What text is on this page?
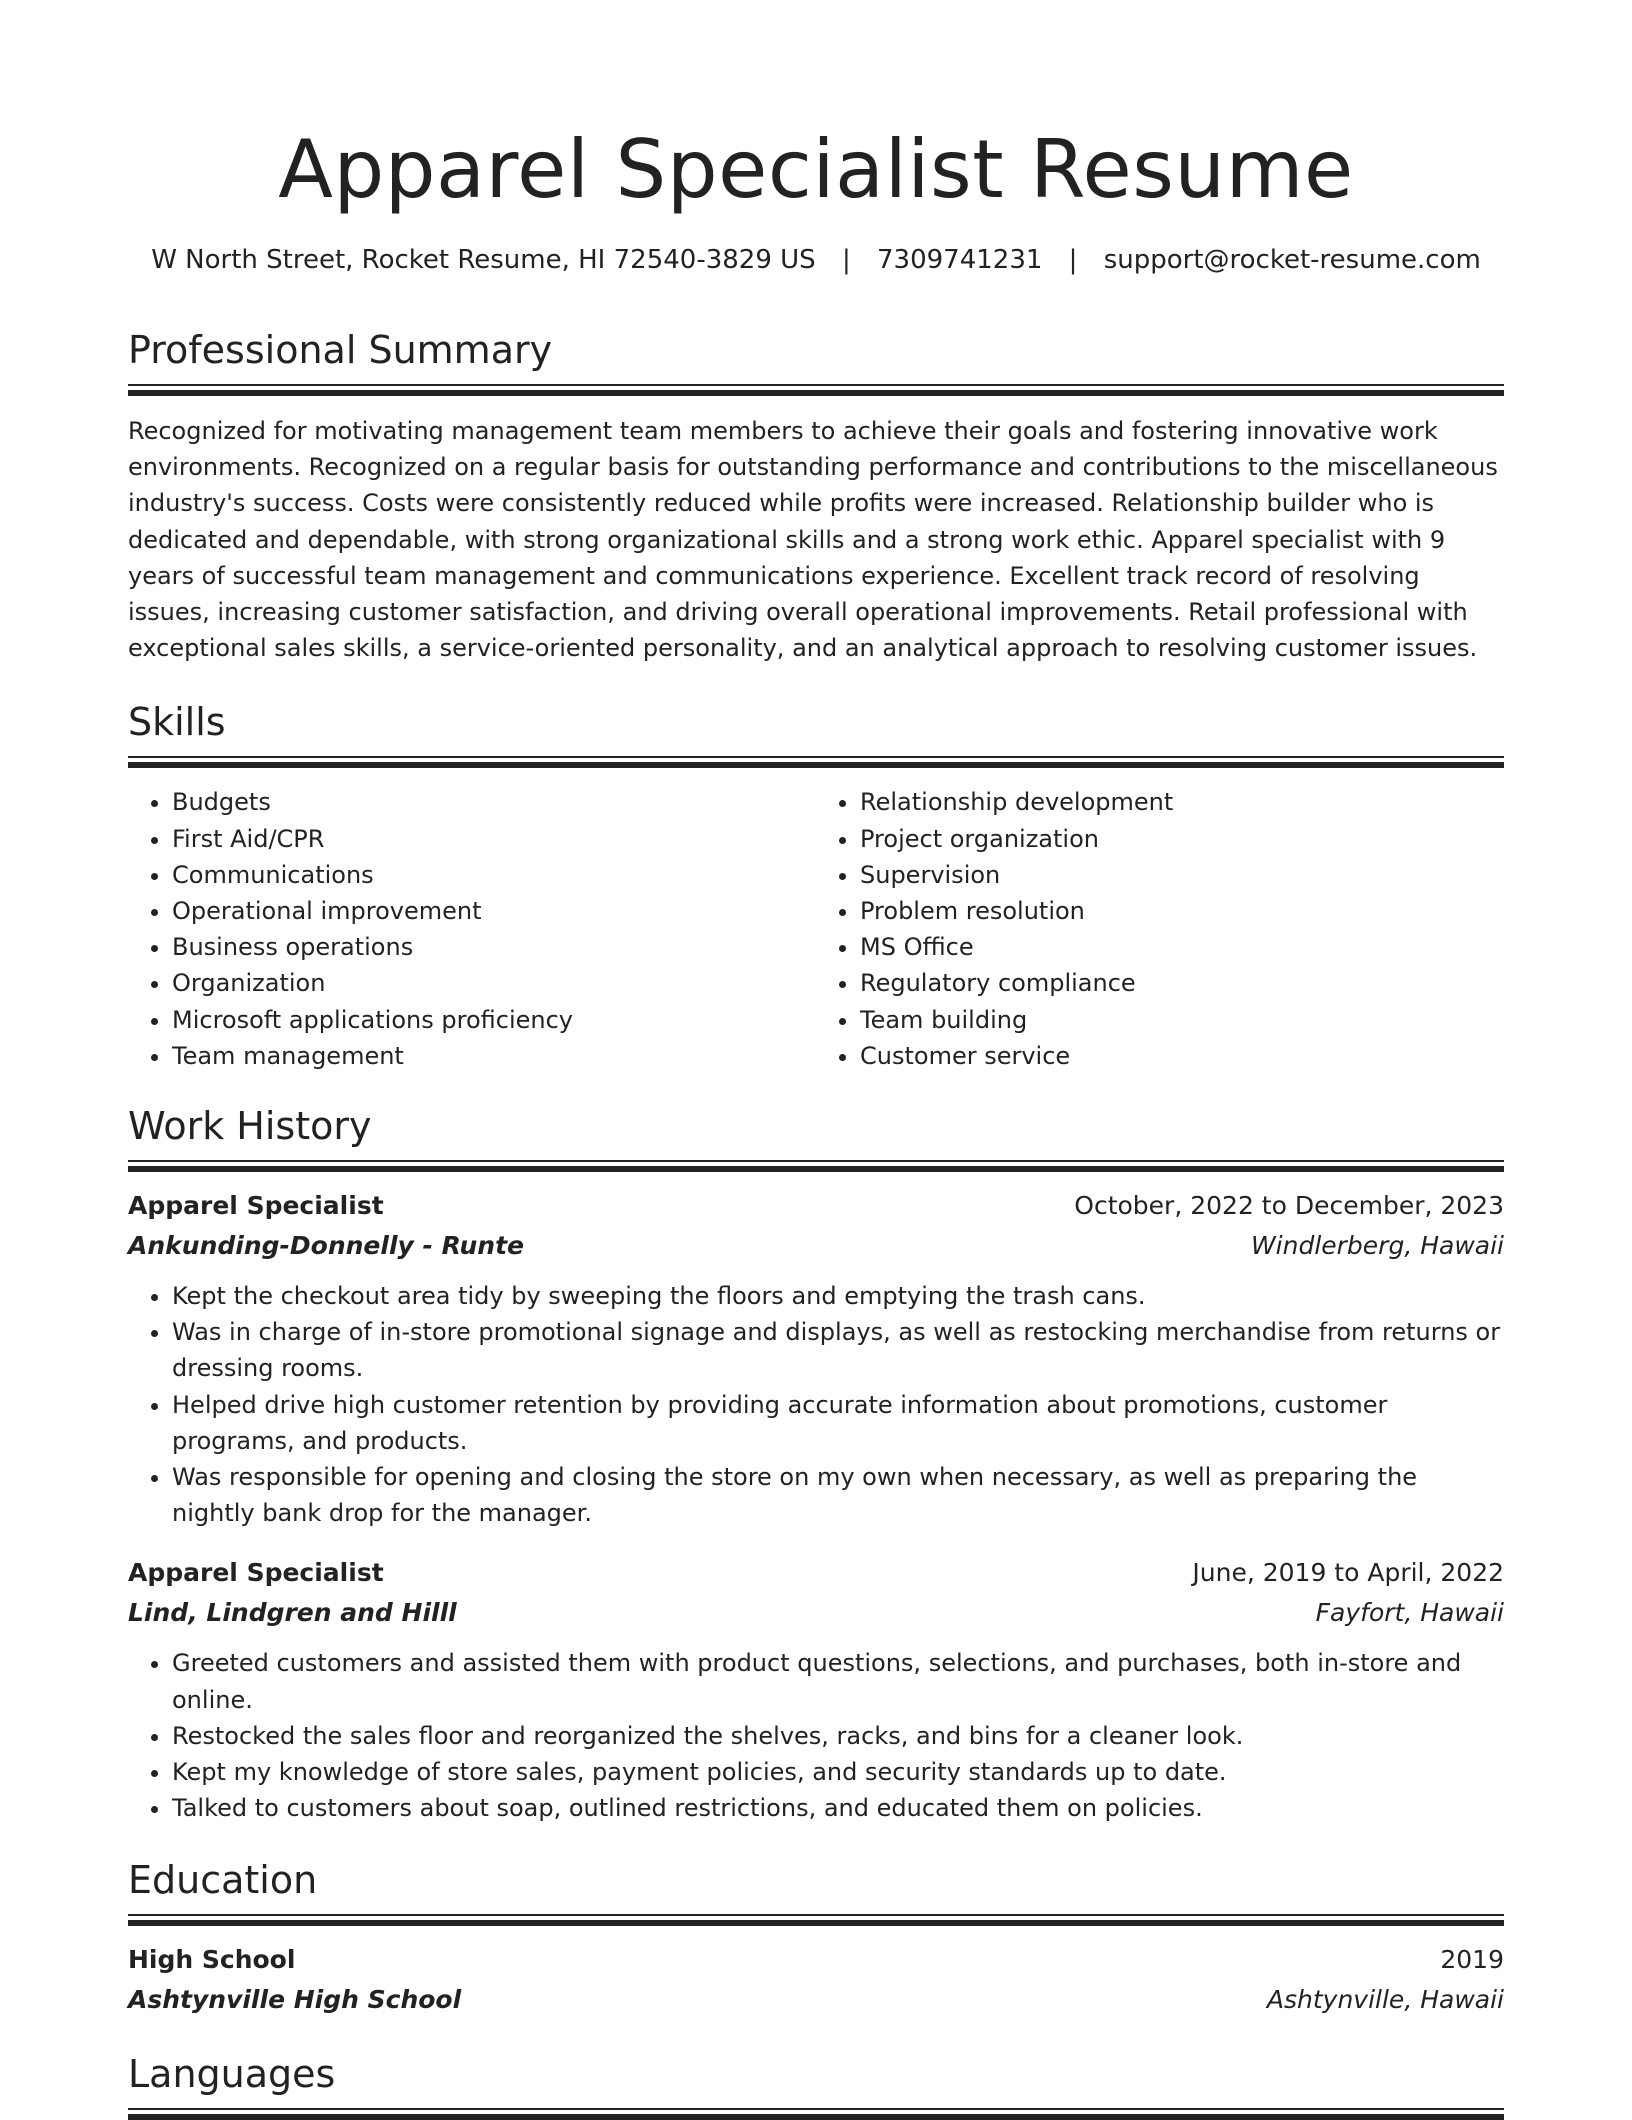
Apparel Specialist Resume
W North Street, Rocket Resume, HI 72540-3829 US | 7309741231 | support@rocket-resume.com
Professional Summary

Recognized for motivating management team members to achieve their goals and fostering innovative work environments. Recognized on a regular basis for outstanding performance and contributions to the miscellaneous industry's success. Costs were consistently reduced while profits were increased. Relationship builder who is dedicated and dependable, with strong organizational skills and a strong work ethic. Apparel specialist with 9 years of successful team management and communications experience. Excellent track record of resolving issues, increasing customer satisfaction, and driving overall operational improvements. Retail professional with exceptional sales skills, a service-oriented personality, and an analytical approach to resolving customer issues.

Skills
• Budgets
• First Aid/CPR
• Communications
• Operational improvement
• Business operations
• Organization
• Microsoft applications proficiency
• Team management
• Relationship development
• Project organization
• Supervision
• Problem resolution
• MS Office
• Regulatory compliance
• Team building
• Customer service
Work History
Apparel Specialist	October, 2022 to December, 2023
Ankunding-Donnelly - Runte	Windlerberg, Hawaii
• Kept the checkout area tidy by sweeping the floors and emptying the trash cans.
• Was in charge of in-store promotional signage and displays, as well as restocking merchandise from returns or dressing rooms.
• Helped drive high customer retention by providing accurate information about promotions, customer programs, and products.
• Was responsible for opening and closing the store on my own when necessary, as well as preparing the nightly bank drop for the manager.
Apparel Specialist	June, 2019 to April, 2022
Lind, Lindgren and Hilll	Fayfort, Hawaii
• Greeted customers and assisted them with product questions, selections, and purchases, both in-store and online.
• Restocked the sales floor and reorganized the shelves, racks, and bins for a cleaner look.
• Kept my knowledge of store sales, payment policies, and security standards up to date.
• Talked to customers about soap, outlined restrictions, and educated them on policies.
Education
High School	2019
Ashtynville High School	Ashtynville, Hawaii
Languages
